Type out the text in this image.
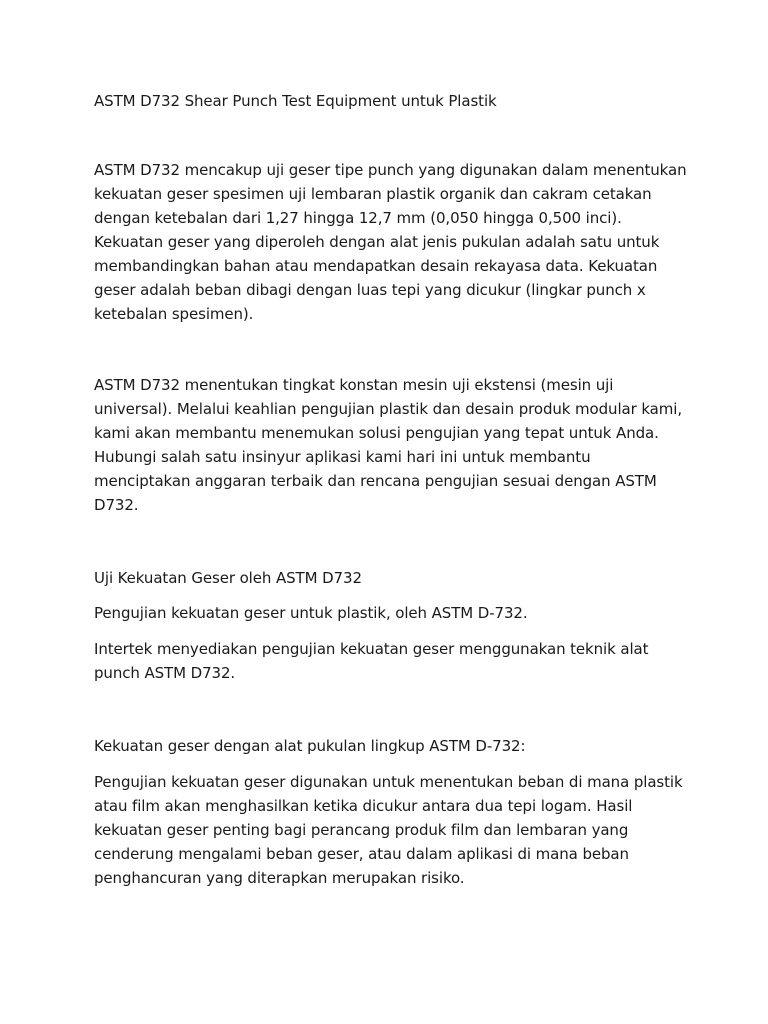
ASTM D732 Shear Punch Test Equipment untuk Plastik

ASTM D732 mencakup uji geser tipe punch yang digunakan dalam menentukan
kekuatan geser spesimen uji lembaran plastik organik dan cakram cetakan
dengan ketebalan dari 1,27 hingga 12,7 mm (0,050 hingga 0,500 inci).
Kekuatan geser yang diperoleh dengan alat jenis pukulan adalah satu untuk
membandingkan bahan atau mendapatkan desain rekayasa data. Kekuatan
geser adalah beban dibagi dengan luas tepi yang dicukur (lingkar punch x
ketebalan spesimen).

ASTM D732 menentukan tingkat konstan mesin uji ekstensi (mesin uji
universal). Melalui keahlian pengujian plastik dan desain produk modular kami,
kami akan membantu menemukan solusi pengujian yang tepat untuk Anda.
Hubungi salah satu insinyur aplikasi kami hari ini untuk membantu
menciptakan anggaran terbaik dan rencana pengujian sesuai dengan ASTM
D732.

Uji Kekuatan Geser oleh ASTM D732

Pengujian kekuatan geser untuk plastik, oleh ASTM D-732.

Intertek menyediakan pengujian kekuatan geser menggunakan teknik alat
punch ASTM D732.

Kekuatan geser dengan alat pukulan lingkup ASTM D-732:

Pengujian kekuatan geser digunakan untuk menentukan beban di mana plastik
atau film akan menghasilkan ketika dicukur antara dua tepi logam. Hasil
kekuatan geser penting bagi perancang produk film dan lembaran yang
cenderung mengalami beban geser, atau dalam aplikasi di mana beban
penghancuran yang diterapkan merupakan risiko.
